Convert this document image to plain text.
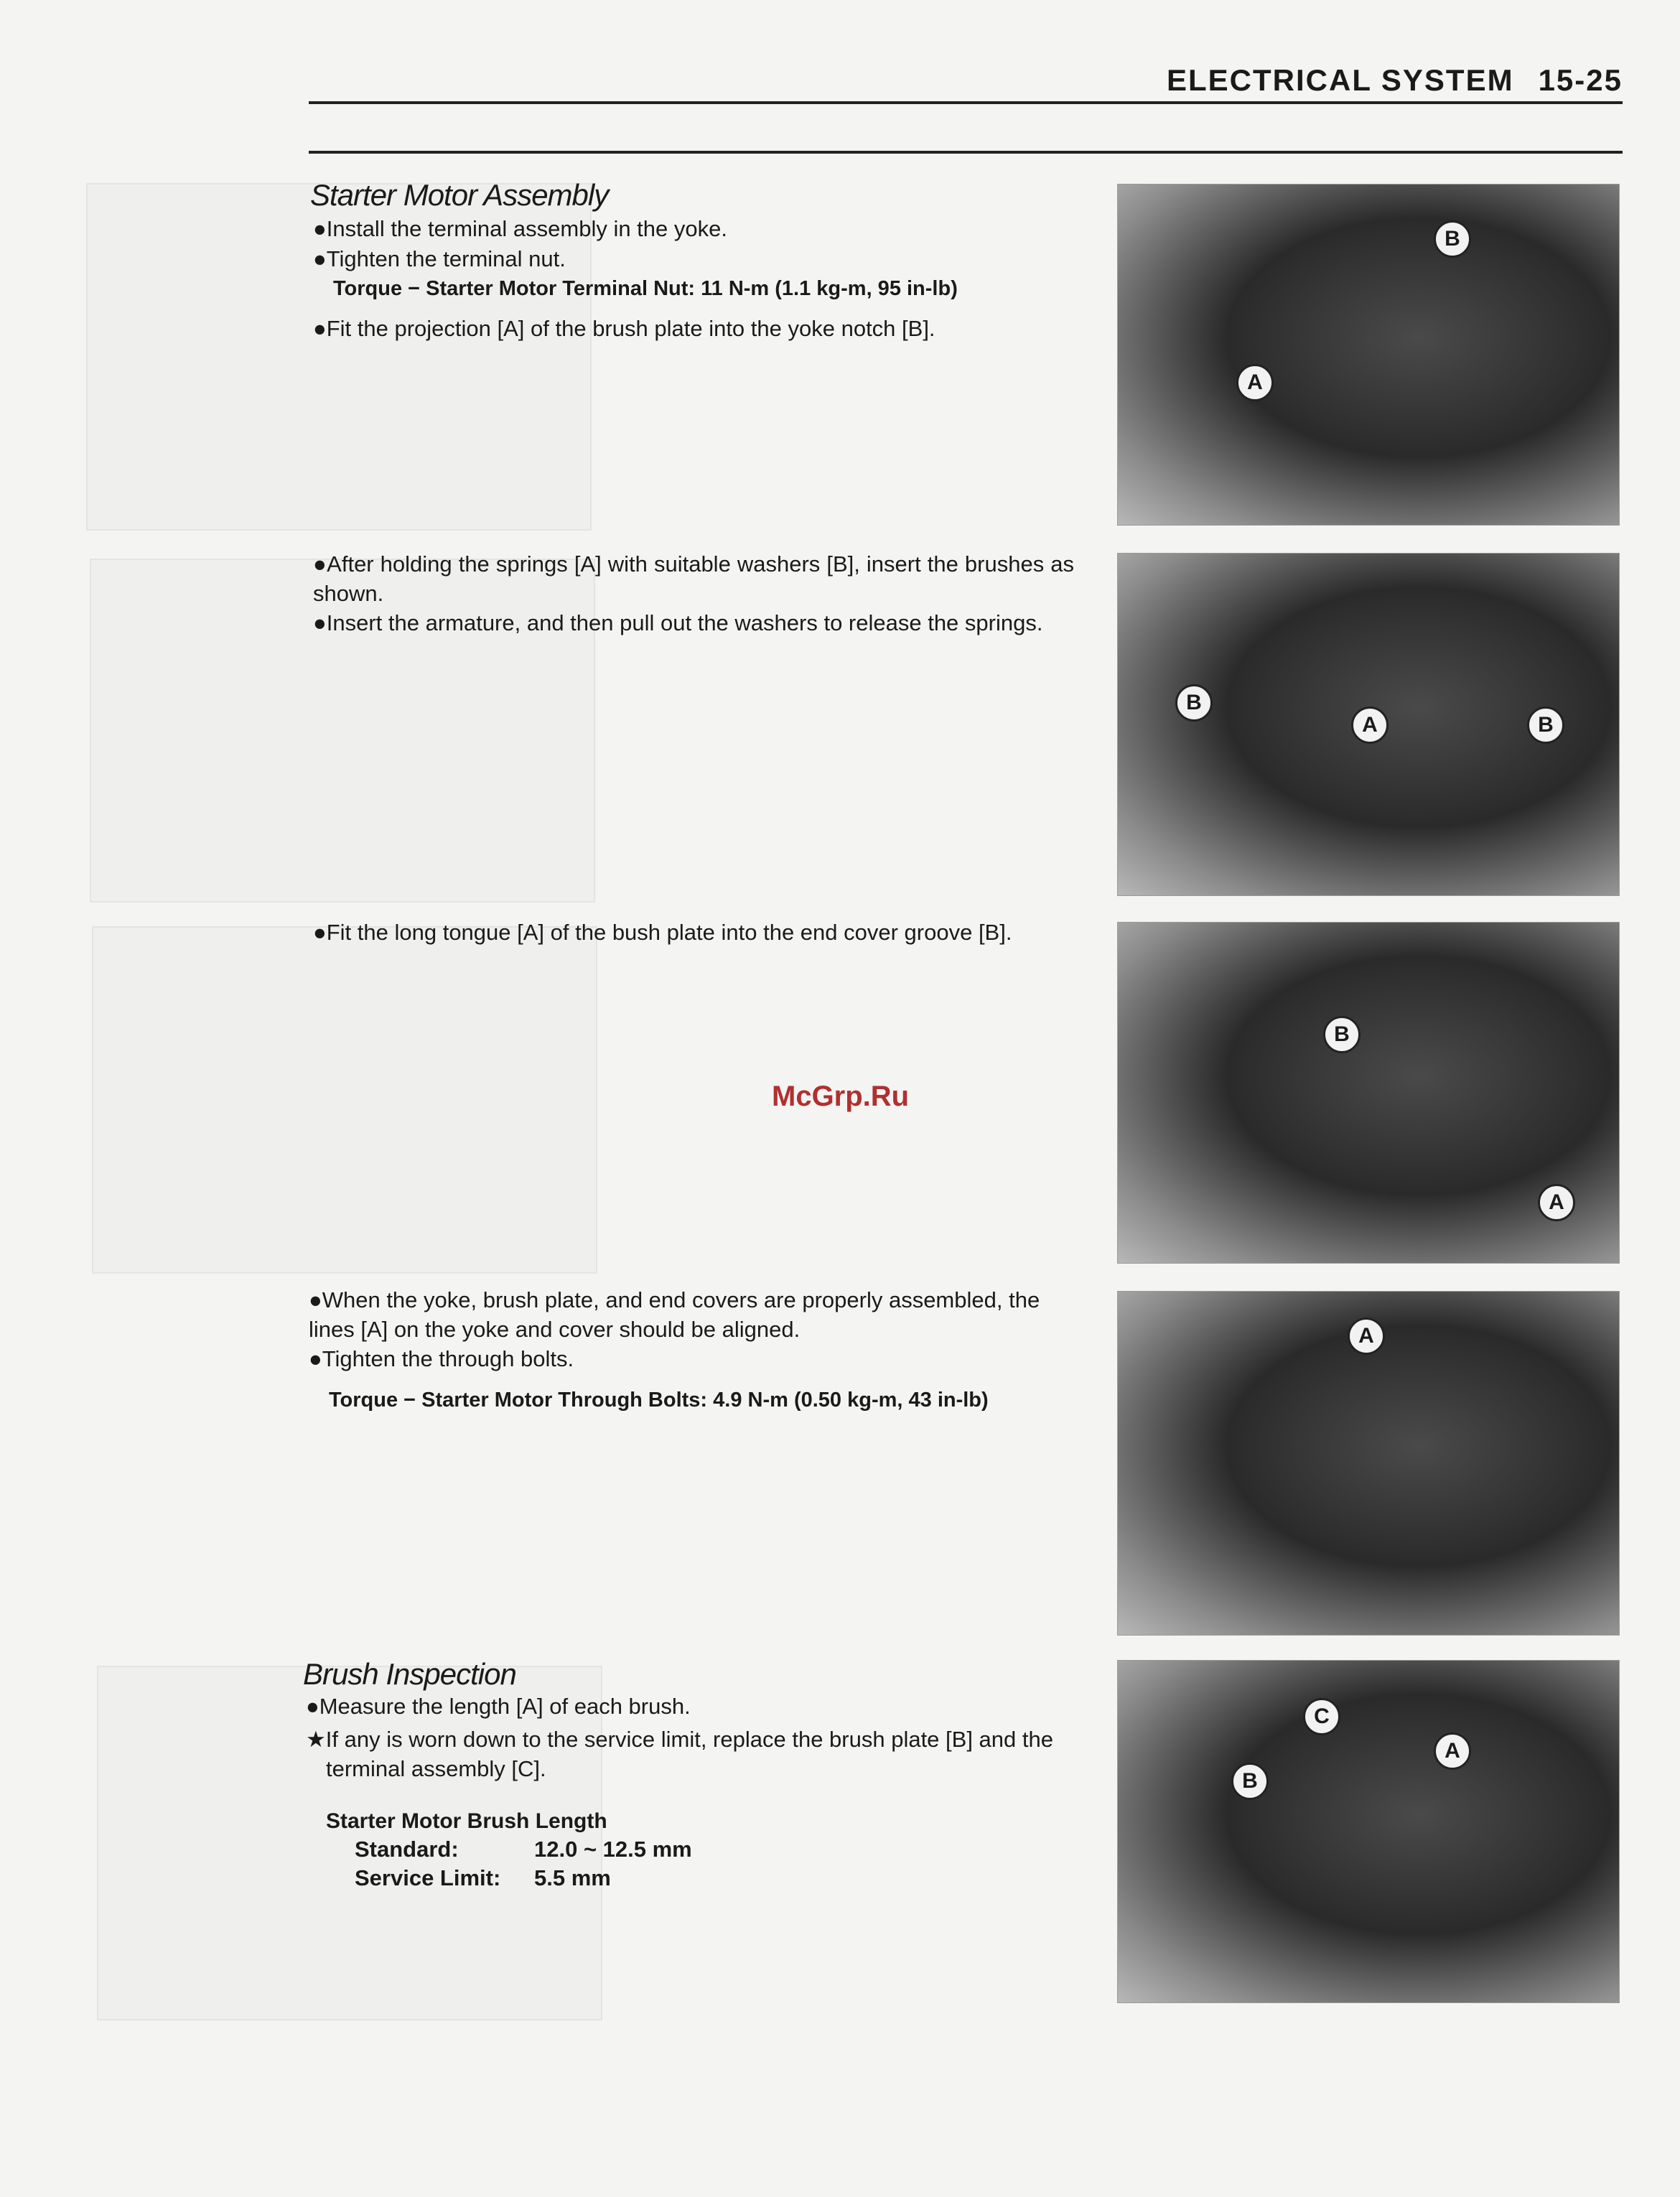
ELECTRICAL SYSTEM 15-25
Starter Motor Assembly
●Install the terminal assembly in the yoke.
●Tighten the terminal nut.
Torque − Starter Motor Terminal Nut: 11 N-m (1.1 kg-m, 95 in-lb)
●Fit the projection [A] of the brush plate into the yoke notch [B].
●After holding the springs [A] with suitable washers [B], insert the brushes as shown.
●Insert the armature, and then pull out the washers to release the springs.
●Fit the long tongue [A] of the bush plate into the end cover groove [B].
●When the yoke, brush plate, and end covers are properly assembled, the lines [A] on the yoke and cover should be aligned.
●Tighten the through bolts.
Torque − Starter Motor Through Bolts: 4.9 N-m (0.50 kg-m, 43 in-lb)
Brush Inspection
●Measure the length [A] of each brush.
★If any is worn down to the service limit, replace the brush plate [B] and the terminal assembly [C].
Starter Motor Brush Length
Standard:	12.0 ~ 12.5 mm
Service Limit:	5.5 mm
B
A
B
A	B
B
A
A
C
A
B
McGrp.Ru
